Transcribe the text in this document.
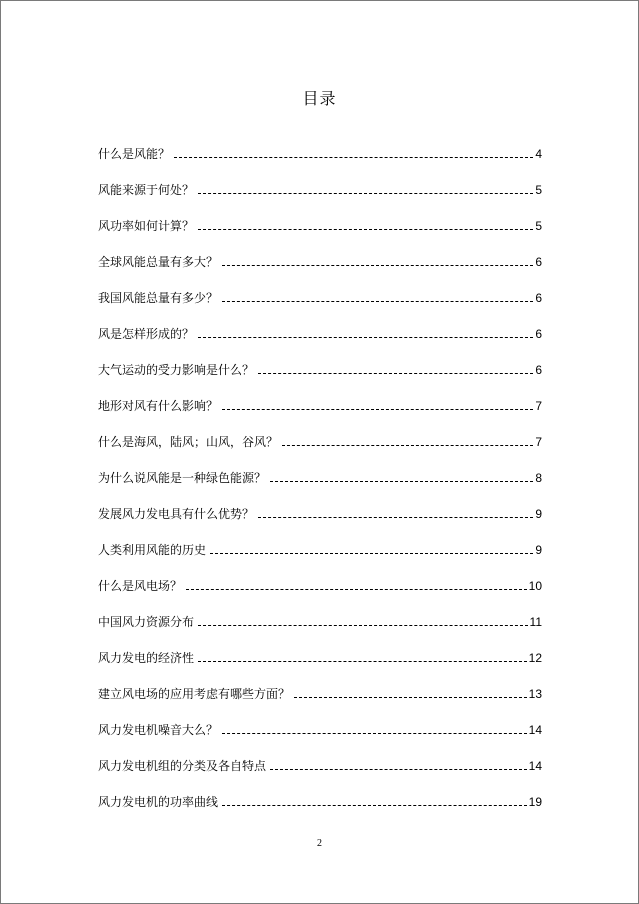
目录
什么是风能？	4
风能来源于何处？	5
风功率如何计算？	5
全球风能总量有多大？	6
我国风能总量有多少？	6
风是怎样形成的？	6
大气运动的受力影响是什么？	6
地形对风有什么影响？	7
什么是海风，陆风；山风，谷风？	7
为什么说风能是一种绿色能源？	8
发展风力发电具有什么优势？	9
人类利用风能的历史	9
什么是风电场？	10
中国风力资源分布	11
风力发电的经济性	12
建立风电场的应用考虑有哪些方面？	13
风力发电机噪音大么？	14
风力发电机组的分类及各自特点	14
风力发电机的功率曲线	19
2
